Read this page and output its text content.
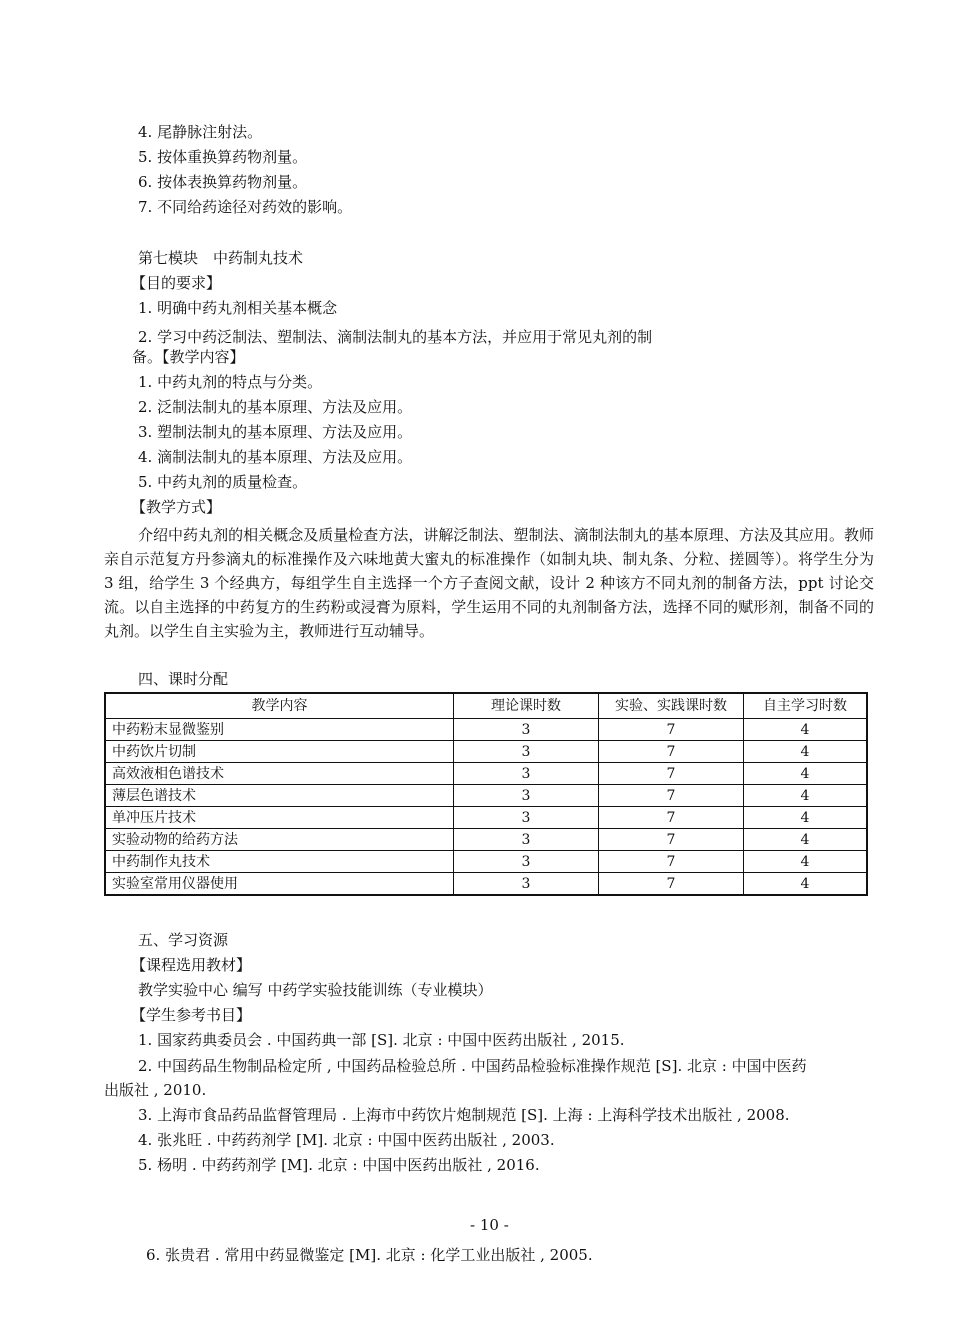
4. 尾静脉注射法。
5. 按体重换算药物剂量。
6. 按体表换算药物剂量。
7. 不同给药途径对药效的影响。
第七模块　中药制丸技术
【目的要求】
1. 明确中药丸剂相关基本概念
2. 学习中药泛制法、塑制法、滴制法制丸的基本方法，并应用于常见丸剂的制
备。【教学内容】
1. 中药丸剂的特点与分类。
2. 泛制法制丸的基本原理、方法及应用。
3. 塑制法制丸的基本原理、方法及应用。
4. 滴制法制丸的基本原理、方法及应用。
5. 中药丸剂的质量检查。
【教学方式】
介绍中药丸剂的相关概念及质量检查方法，讲解泛制法、塑制法、滴制法制丸的基本原理、方法及其应用。教师亲自示范复方丹参滴丸的标准操作及六味地黄大蜜丸的标准操作（如制丸块、制丸条、分粒、搓圆等）。将学生分为 3 组，给学生 3 个经典方，每组学生自主选择一个方子查阅文献，设计 2 种该方不同丸剂的制备方法，ppt 讨论交流。以自主选择的中药复方的生药粉或浸膏为原料，学生运用不同的丸剂制备方法，选择不同的赋形剂，制备不同的丸剂。以学生自主实验为主，教师进行互动辅导。
四、课时分配
教学内容	理论课时数	实验、实践课时数	自主学习时数
中药粉末显微鉴别	3	7	4
中药饮片切制	3	7	4
高效液相色谱技术	3	7	4
薄层色谱技术	3	7	4
单冲压片技术	3	7	4
实验动物的给药方法	3	7	4
中药制作丸技术	3	7	4
实验室常用仪器使用	3	7	4
五、学习资源
【课程选用教材】
教学实验中心 编写 中药学实验技能训练（专业模块）
【学生参考书目】
1. 国家药典委员会 . 中国药典一部 [S]. 北京 : 中国中医药出版社 , 2015.
2. 中国药品生物制品检定所 , 中国药品检验总所 . 中国药品检验标准操作规范 [S]. 北京 : 中国中医药
出版社 , 2010.
3. 上海市食品药品监督管理局 . 上海市中药饮片炮制规范 [S]. 上海 : 上海科学技术出版社 , 2008.
4. 张兆旺 . 中药药剂学 [M]. 北京 : 中国中医药出版社 , 2003.
5. 杨明 . 中药药剂学 [M]. 北京 : 中国中医药出版社 , 2016.
- 10 -
6. 张贵君 . 常用中药显微鉴定 [M]. 北京 : 化学工业出版社 , 2005.
